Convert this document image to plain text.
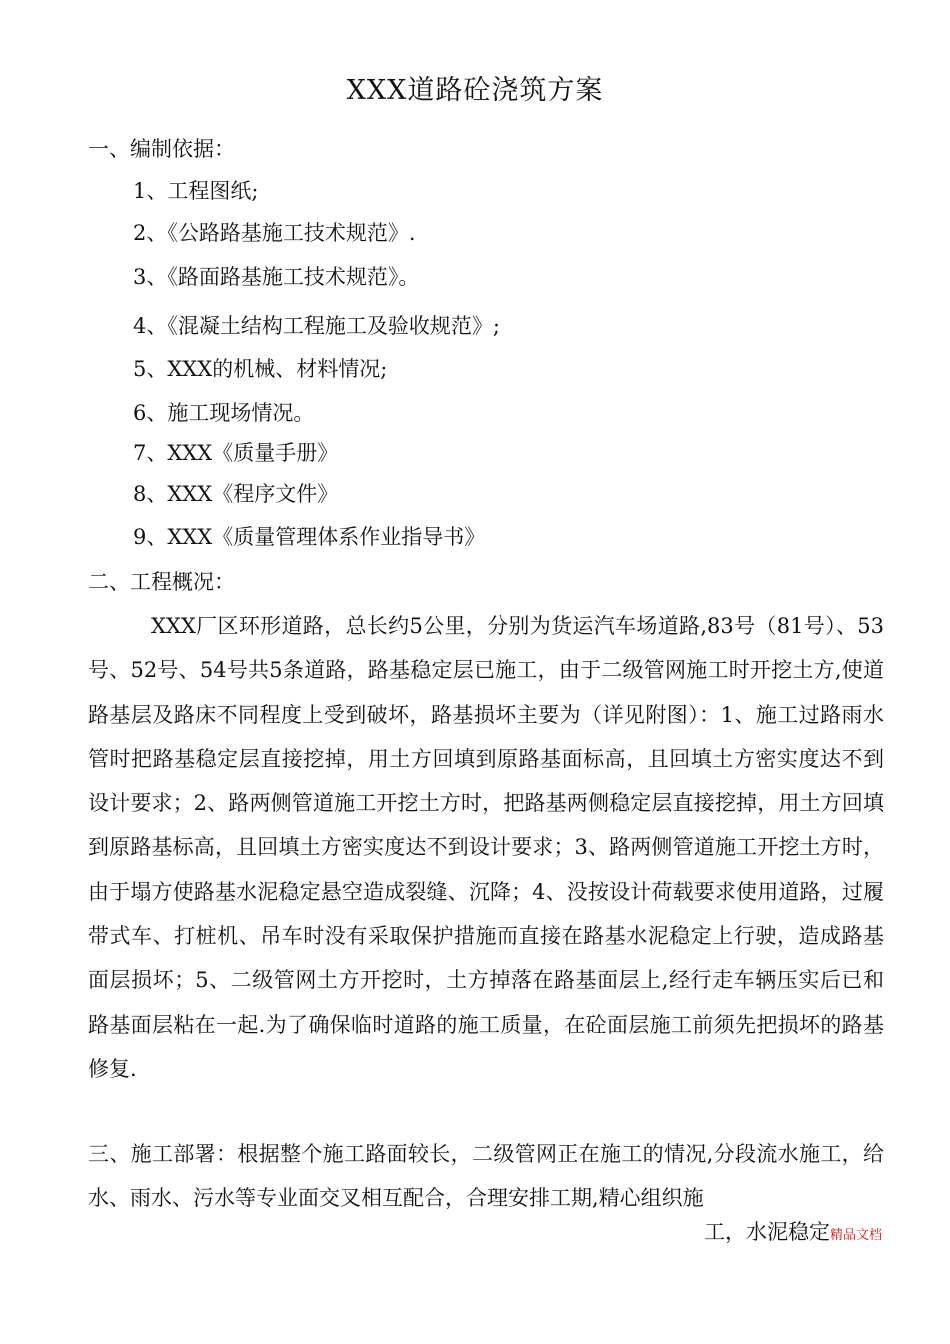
XXX道路砼浇筑方案
一、编制依据：
1、工程图纸;
2、《公路路基施工技术规范》.
3、《路面路基施工技术规范》。
4、《混凝土结构工程施工及验收规范》;
5、XXX的机械、材料情况;
6、施工现场情况。
7、XXX《质量手册》
8、XXX《程序文件》
9、XXX《质量管理体系作业指导书》
二、工程概况：

XXX厂区环形道路，总长约5公里，分别为货运汽车场道路,83号（81号）、53号、52号、54号共5条道路，路基稳定层已施工，由于二级管网施工时开挖土方,使道路基层及路床不同程度上受到破坏，路基损坏主要为（详见附图）：1、施工过路雨水管时把路基稳定层直接挖掉，用土方回填到原路基面标高，且回填土方密实度达不到设计要求；2、路两侧管道施工开挖土方时，把路基两侧稳定层直接挖掉，用土方回填到原路基标高，且回填土方密实度达不到设计要求；3、路两侧管道施工开挖土方时，由于塌方使路基水泥稳定悬空造成裂缝、沉降；4、没按设计荷载要求使用道路，过履带式车、打桩机、吊车时没有采取保护措施而直接在路基水泥稳定上行驶，造成路基面层损坏；5、二级管网土方开挖时，土方掉落在路基面层上,经行走车辆压实后已和路基面层粘在一起.为了确保临时道路的施工质量，在砼面层施工前须先把损坏的路基修复.

三、施工部署：根据整个施工路面较长，二级管网正在施工的情况,分段流水施工，给水、雨水、污水等专业面交叉相互配合，合理安排工期,精心组织施

工，水泥稳定精品文档
